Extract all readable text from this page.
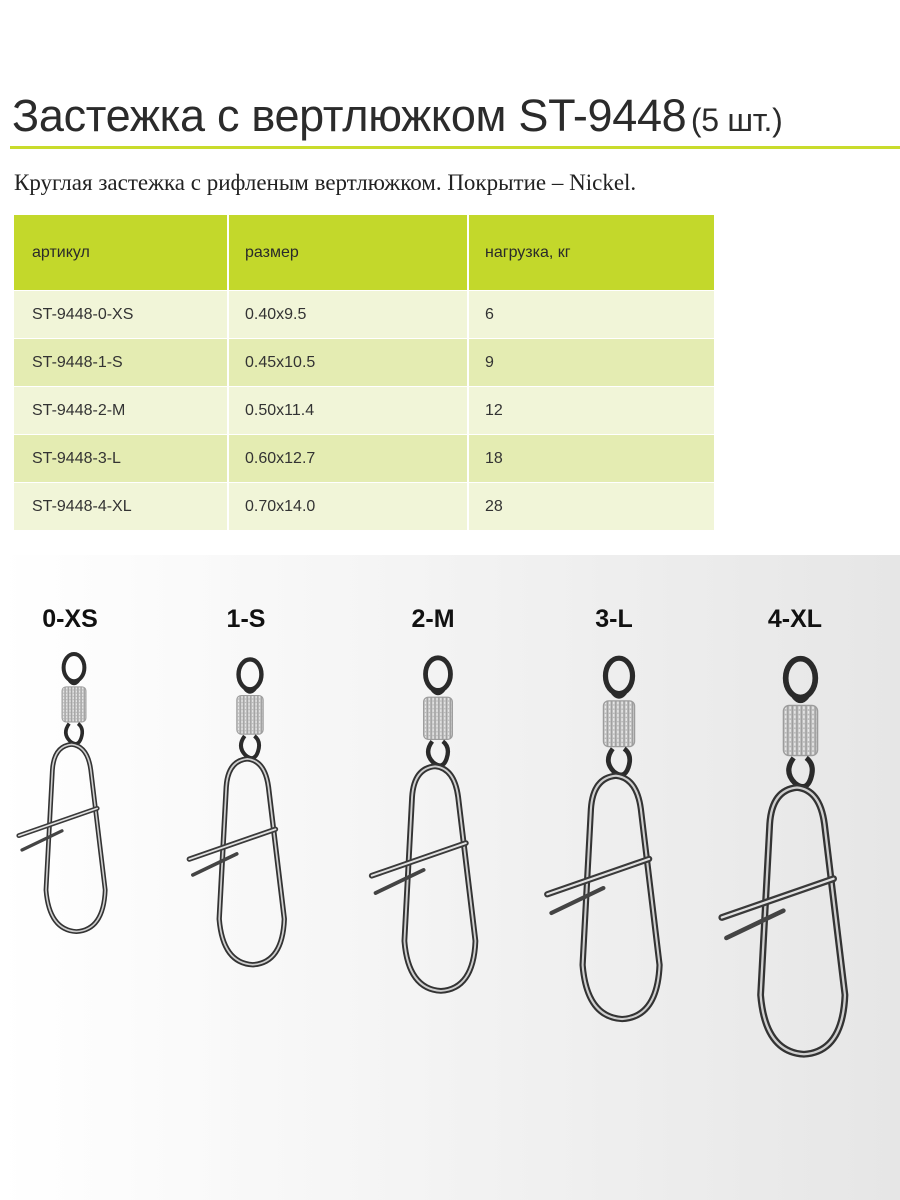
Застежка с вертлюжком ST-9448 (5 шт.)
Круглая застежка с рифленым вертлюжком. Покрытие – Nickel.
артикул	размер	нагрузка, кг
ST-9448-0-XS	0.40x9.5	6
ST-9448-1-S	0.45x10.5	9
ST-9448-2-M	0.50x11.4	12
ST-9448-3-L	0.60x12.7	18
ST-9448-4-XL	0.70x14.0	28
0-XS	1-S	2-M	3-L	4-XL
